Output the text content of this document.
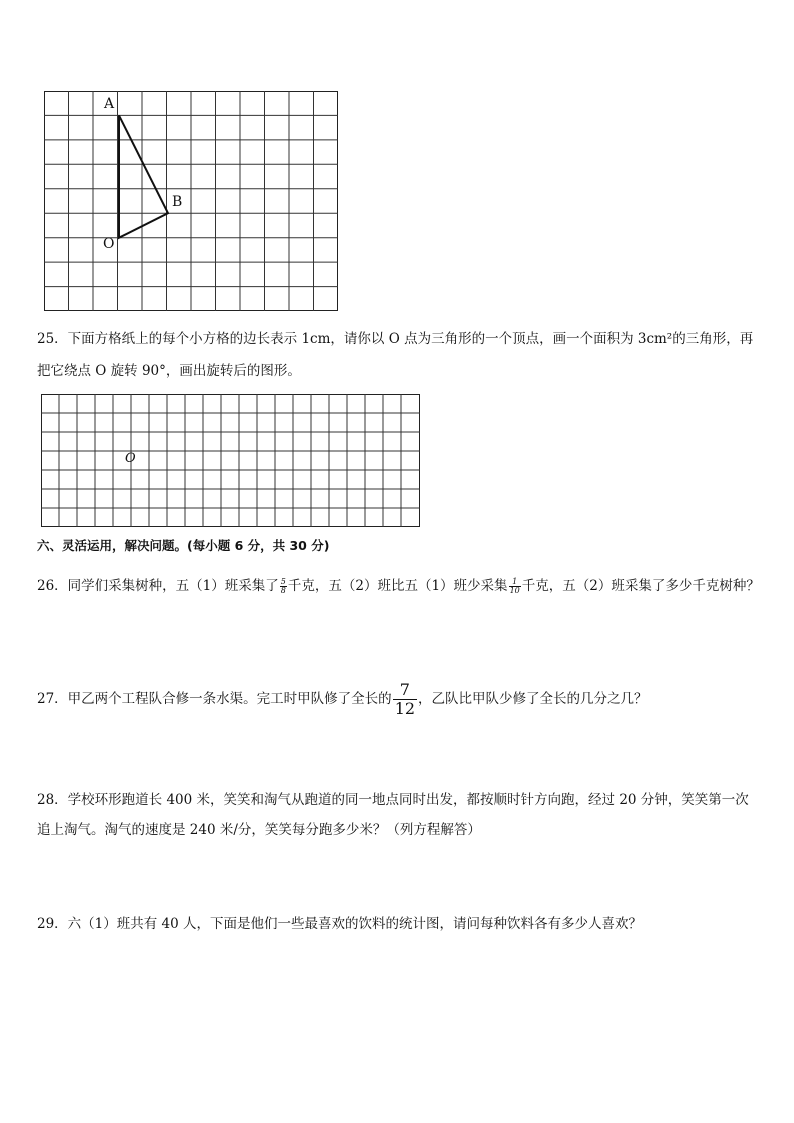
A
B
O
25．下面方格纸上的每个小方格的边长表示 1cm，请你以 O 点为三角形的一个顶点，画一个面积为 3cm²的三角形，再
把它绕点 O 旋转 90°，画出旋转后的图形。
O
六、灵活运用，解决问题。(每小题 6 分，共 30 分)
26．同学们采集树种，五（1）班采集了 $\frac{5}{8}$ 千克，五（2）班比五（1）班少采集 $\frac{1}{10}$ 千克，五（2）班采集了多少千克树种？
27．甲乙两个工程队合修一条水渠。完工时甲队修了全长的 $\frac{7}{12}$ ，乙队比甲队少修了全长的几分之几？
28．学校环形跑道长 400 米，笑笑和淘气从跑道的同一地点同时出发，都按顺时针方向跑，经过 20 分钟，笑笑第一次
追上淘气。淘气的速度是 240 米/分，笑笑每分跑多少米？（列方程解答）
29．六（1）班共有 40 人，下面是他们一些最喜欢的饮料的统计图，请问每种饮料各有多少人喜欢？
